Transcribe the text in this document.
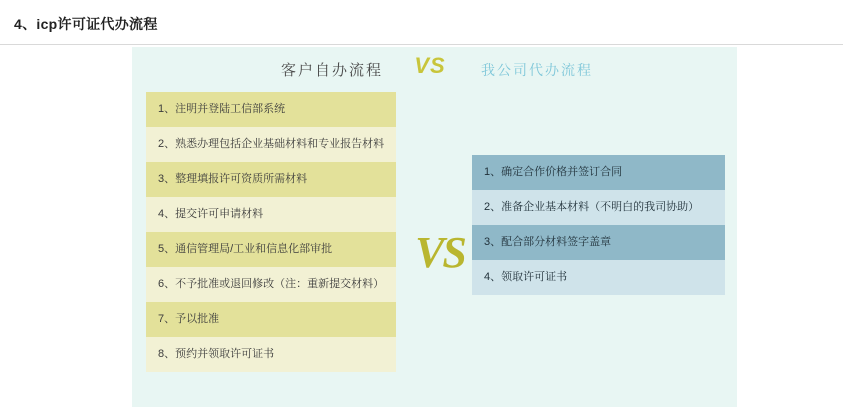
4、icp许可证代办流程
客户自办流程	VS	我公司代办流程
1、注明并登陆工信部系统
2、熟悉办理包括企业基础材料和专业报告材料
3、整理填报许可资质所需材料
4、提交许可申请材料
5、通信管理局/工业和信息化部审批
6、不予批准或退回修改（注：重新提交材料）
7、予以批准
8、预约并领取许可证书
VS
1、确定合作价格并签订合同
2、准备企业基本材料（不明白的我司协助）
3、配合部分材料签字盖章
4、领取许可证书
